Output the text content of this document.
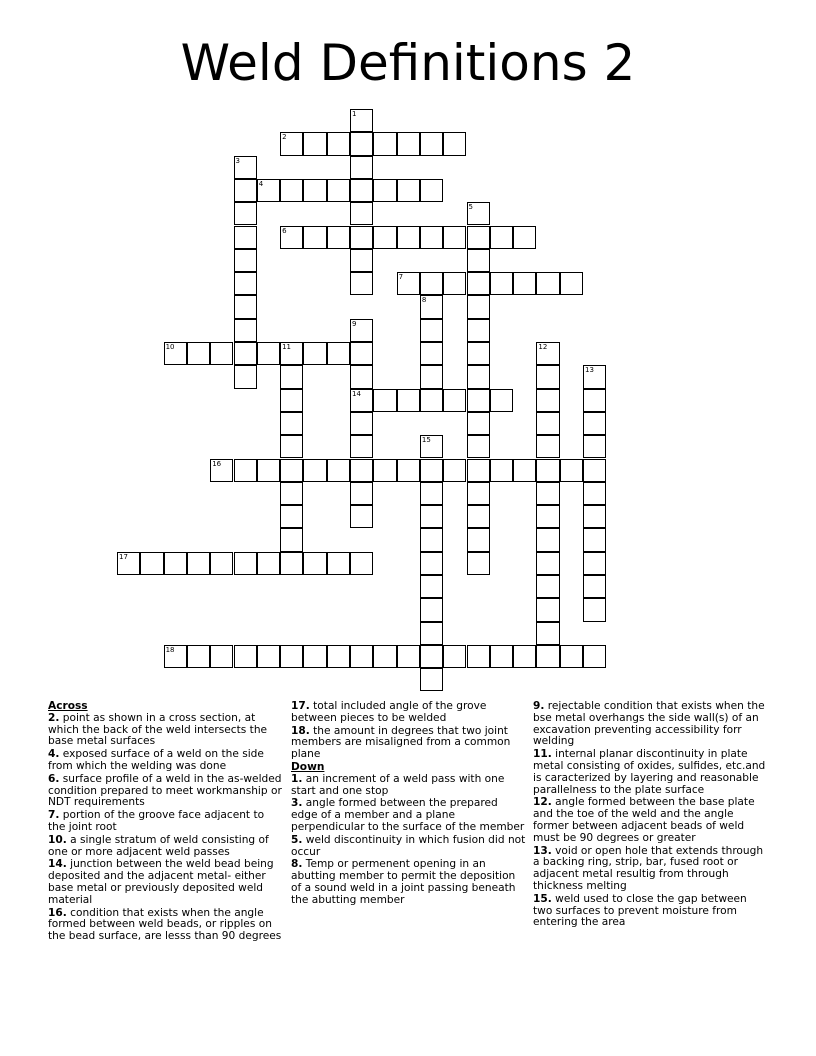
Weld Definitions 2
2
4
6
7
10	11
14
16
17
18
1
3
5
8
9
12
13
15
Across
2. point as shown in a cross section, at which the back of the weld intersects the base metal surfaces
4. exposed surface of a weld on the side from which the welding was done
6. surface profile of a weld in the as-welded condition prepared to meet workmanship or NDT requirements
7. portion of the groove face adjacent to the joint root
10. a single stratum of weld consisting of one or more adjacent weld passes
14. junction between the weld bead being deposited and the adjacent metal- either base metal or previously deposited weld material
16. condition that exists when the angle formed between weld beads, or ripples on the bead surface, are lesss than 90 degrees
17. total included angle of the grove between pieces to be welded
18. the amount in degrees that two joint members are misaligned from a common plane
Down
1. an increment of a weld pass with one start and one stop
3. angle formed between the prepared edge of a member and a plane perpendicular to the surface of the member
5. weld discontinuity in which fusion did not occur
8. Temp or permenent opening in an abutting member to permit the deposition of a sound weld in a joint passing beneath the abutting member
9. rejectable condition that exists when the bse metal overhangs the side wall(s) of an excavation preventing accessibility forr welding
11. internal planar discontinuity in plate metal consisting of oxides, sulfides, etc.and is caracterized by layering and reasonable parallelness to the plate surface
12. angle formed between the base plate and the toe of the weld and the angle former between adjacent beads of weld must be 90 degrees or greater
13. void or open hole that extends through a backing ring, strip, bar, fused root or adjacent metal resultig from through thickness melting
15. weld used to close the gap between two surfaces to prevent moisture from entering the area
